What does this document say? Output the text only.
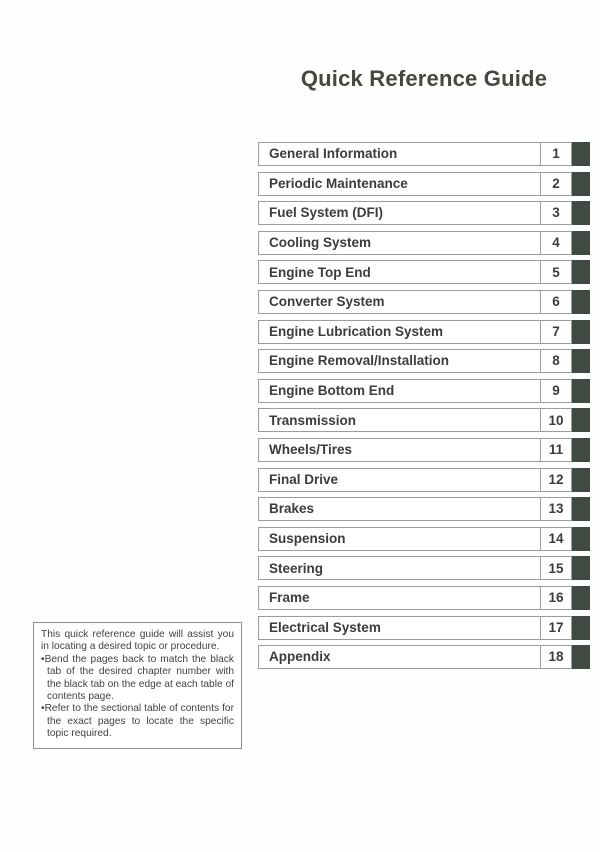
Quick Reference Guide
General Information	1
Periodic Maintenance	2
Fuel System (DFI)	3
Cooling System	4
Engine Top End	5
Converter System	6
Engine Lubrication System	7
Engine Removal/Installation	8
Engine Bottom End	9
Transmission	10
Wheels/Tires	11
Final Drive	12
Brakes	13
Suspension	14
Steering	15
Frame	16
Electrical System	17
Appendix	18

This quick reference guide will assist you in locating a desired topic or procedure.

•Bend the pages back to match the black tab of the desired chapter number with the black tab on the edge at each table of contents page.

•Refer to the sectional table of contents for the exact pages to locate the specific topic required.
